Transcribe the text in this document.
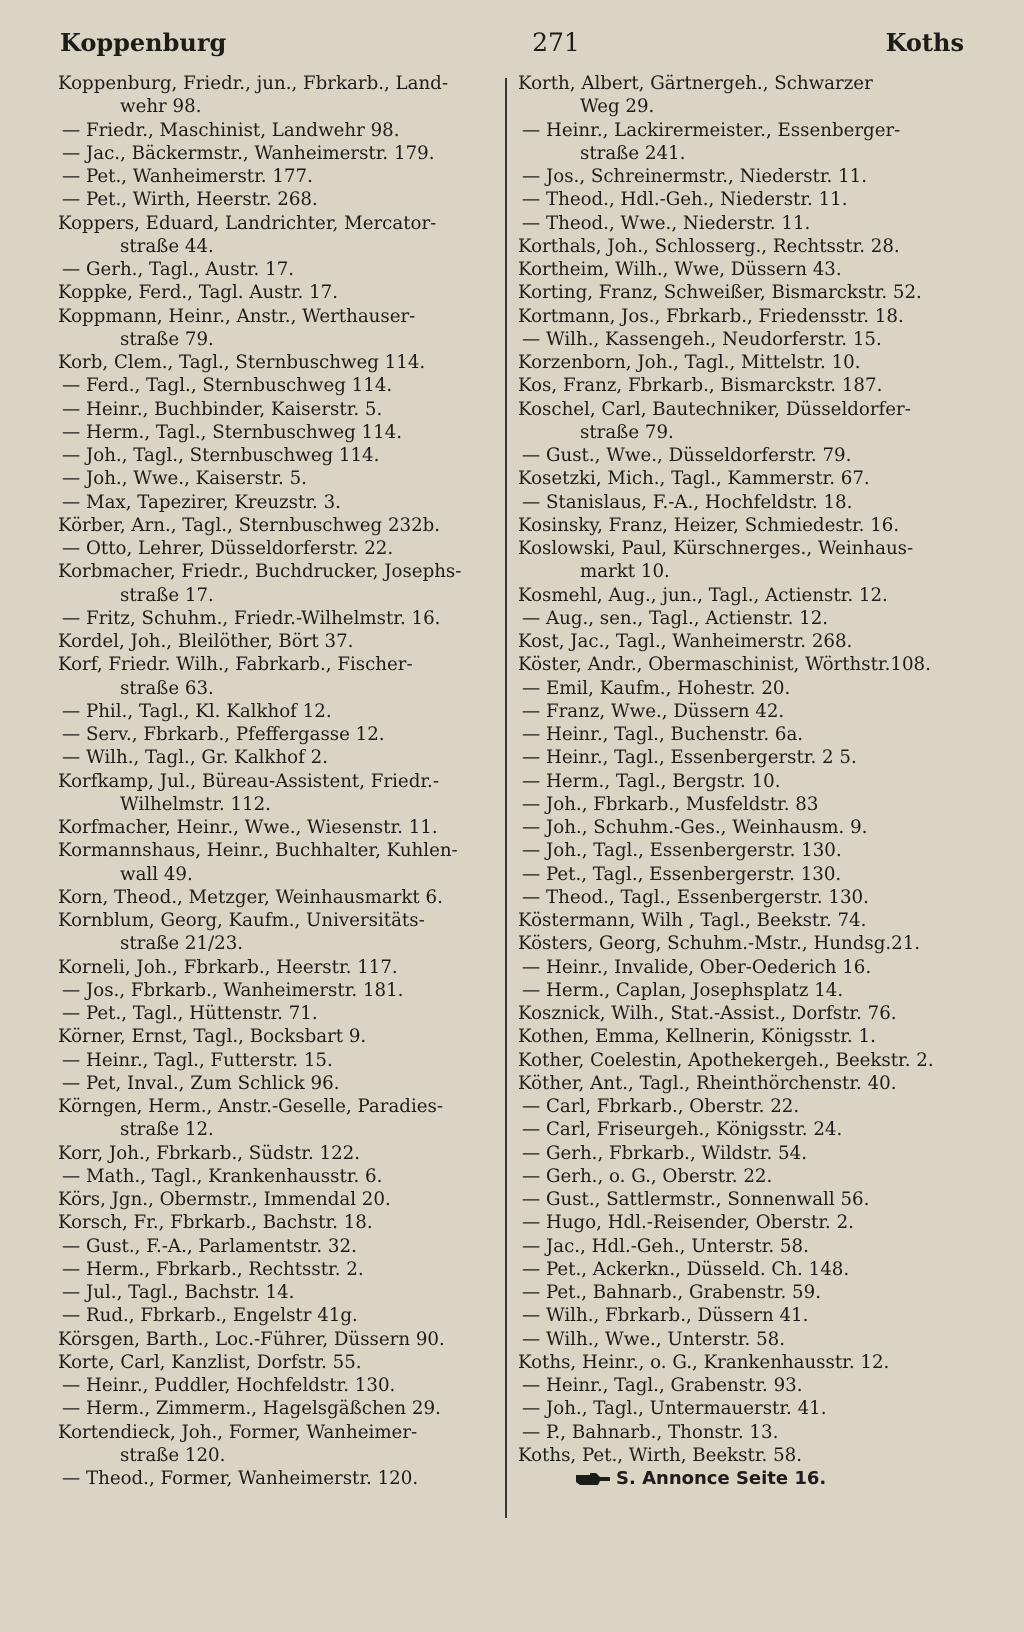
Koppenburg	271	Koths
Koppenburg, Friedr., jun., Fbrkarb., Land-
wehr 98.
— Friedr., Maschinist, Landwehr 98.
— Jac., Bäckermstr., Wanheimerstr. 179.
— Pet., Wanheimerstr. 177.
— Pet., Wirth, Heerstr. 268.
Koppers, Eduard, Landrichter, Mercator-
straße 44.
— Gerh., Tagl., Austr. 17.
Koppke, Ferd., Tagl. Austr. 17.
Koppmann, Heinr., Anstr., Werthauser-
straße 79.
Korb, Clem., Tagl., Sternbuschweg 114.
— Ferd., Tagl., Sternbuschweg 114.
— Heinr., Buchbinder, Kaiserstr. 5.
— Herm., Tagl., Sternbuschweg 114.
— Joh., Tagl., Sternbuschweg 114.
— Joh., Wwe., Kaiserstr. 5.
— Max, Tapezirer, Kreuzstr. 3.
Körber, Arn., Tagl., Sternbuschweg 232b.
— Otto, Lehrer, Düsseldorferstr. 22.
Korbmacher, Friedr., Buchdrucker, Josephs-
straße 17.
— Fritz, Schuhm., Friedr.-Wilhelmstr. 16.
Kordel, Joh., Bleilöther, Bört 37.
Korf, Friedr. Wilh., Fabrkarb., Fischer-
straße 63.
— Phil., Tagl., Kl. Kalkhof 12.
— Serv., Fbrkarb., Pfeffergasse 12.
— Wilh., Tagl., Gr. Kalkhof 2.
Korfkamp, Jul., Büreau-Assistent, Friedr.-
Wilhelmstr. 112.
Korfmacher, Heinr., Wwe., Wiesenstr. 11.
Kormannshaus, Heinr., Buchhalter, Kuhlen-
wall 49.
Korn, Theod., Metzger, Weinhausmarkt 6.
Kornblum, Georg, Kaufm., Universitäts-
straße 21/23.
Korneli, Joh., Fbrkarb., Heerstr. 117.
— Jos., Fbrkarb., Wanheimerstr. 181.
— Pet., Tagl., Hüttenstr. 71.
Körner, Ernst, Tagl., Bocksbart 9.
— Heinr., Tagl., Futterstr. 15.
— Pet, Inval., Zum Schlick 96.
Körngen, Herm., Anstr.-Geselle, Paradies-
straße 12.
Korr, Joh., Fbrkarb., Südstr. 122.
— Math., Tagl., Krankenhausstr. 6.
Körs, Jgn., Obermstr., Immendal 20.
Korsch, Fr., Fbrkarb., Bachstr. 18.
— Gust., F.-A., Parlamentstr. 32.
— Herm., Fbrkarb., Rechtsstr. 2.
— Jul., Tagl., Bachstr. 14.
— Rud., Fbrkarb., Engelstr 41g.
Körsgen, Barth., Loc.-Führer, Düssern 90.
Korte, Carl, Kanzlist, Dorfstr. 55.
— Heinr., Puddler, Hochfeldstr. 130.
— Herm., Zimmerm., Hagelsgäßchen 29.
Kortendieck, Joh., Former, Wanheimer-
straße 120.
— Theod., Former, Wanheimerstr. 120.
Korth, Albert, Gärtnergeh., Schwarzer
Weg 29.
— Heinr., Lackirermeister., Essenberger-
straße 241.
— Jos., Schreinermstr., Niederstr. 11.
— Theod., Hdl.-Geh., Niederstr. 11.
— Theod., Wwe., Niederstr. 11.
Korthals, Joh., Schlosserg., Rechtsstr. 28.
Kortheim, Wilh., Wwe, Düssern 43.
Korting, Franz, Schweißer, Bismarckstr. 52.
Kortmann, Jos., Fbrkarb., Friedensstr. 18.
— Wilh., Kassengeh., Neudorferstr. 15.
Korzenborn, Joh., Tagl., Mittelstr. 10.
Kos, Franz, Fbrkarb., Bismarckstr. 187.
Koschel, Carl, Bautechniker, Düsseldorfer-
straße 79.
— Gust., Wwe., Düsseldorferstr. 79.
Kosetzki, Mich., Tagl., Kammerstr. 67.
— Stanislaus, F.-A., Hochfeldstr. 18.
Kosinsky, Franz, Heizer, Schmiedestr. 16.
Koslowski, Paul, Kürschnerges., Weinhaus-
markt 10.
Kosmehl, Aug., jun., Tagl., Actienstr. 12.
— Aug., sen., Tagl., Actienstr. 12.
Kost, Jac., Tagl., Wanheimerstr. 268.
Köster, Andr., Obermaschinist, Wörthstr.108.
— Emil, Kaufm., Hohestr. 20.
— Franz, Wwe., Düssern 42.
— Heinr., Tagl., Buchenstr. 6a.
— Heinr., Tagl., Essenbergerstr. 2 5.
— Herm., Tagl., Bergstr. 10.
— Joh., Fbrkarb., Musfeldstr. 83
— Joh., Schuhm.-Ges., Weinhausm. 9.
— Joh., Tagl., Essenbergerstr. 130.
— Pet., Tagl., Essenbergerstr. 130.
— Theod., Tagl., Essenbergerstr. 130.
Köstermann, Wilh , Tagl., Beekstr. 74.
Kösters, Georg, Schuhm.-Mstr., Hundsg.21.
— Heinr., Invalide, Ober-Oederich 16.
— Herm., Caplan, Josephsplatz 14.
Kosznick, Wilh., Stat.-Assist., Dorfstr. 76.
Kothen, Emma, Kellnerin, Königsstr. 1.
Kother, Coelestin, Apothekergeh., Beekstr. 2.
Köther, Ant., Tagl., Rheinthörchenstr. 40.
— Carl, Fbrkarb., Oberstr. 22.
— Carl, Friseurgeh., Königsstr. 24.
— Gerh., Fbrkarb., Wildstr. 54.
— Gerh., o. G., Oberstr. 22.
— Gust., Sattlermstr., Sonnenwall 56.
— Hugo, Hdl.-Reisender, Oberstr. 2.
— Jac., Hdl.-Geh., Unterstr. 58.
— Pet., Ackerkn., Düsseld. Ch. 148.
— Pet., Bahnarb., Grabenstr. 59.
— Wilh., Fbrkarb., Düssern 41.
— Wilh., Wwe., Unterstr. 58.
Koths, Heinr., o. G., Krankenhausstr. 12.
— Heinr., Tagl., Grabenstr. 93.
— Joh., Tagl., Untermauerstr. 41.
— P., Bahnarb., Thonstr. 13.
Koths, Pet., Wirth, Beekstr. 58.
S. Annonce Seite 16.
